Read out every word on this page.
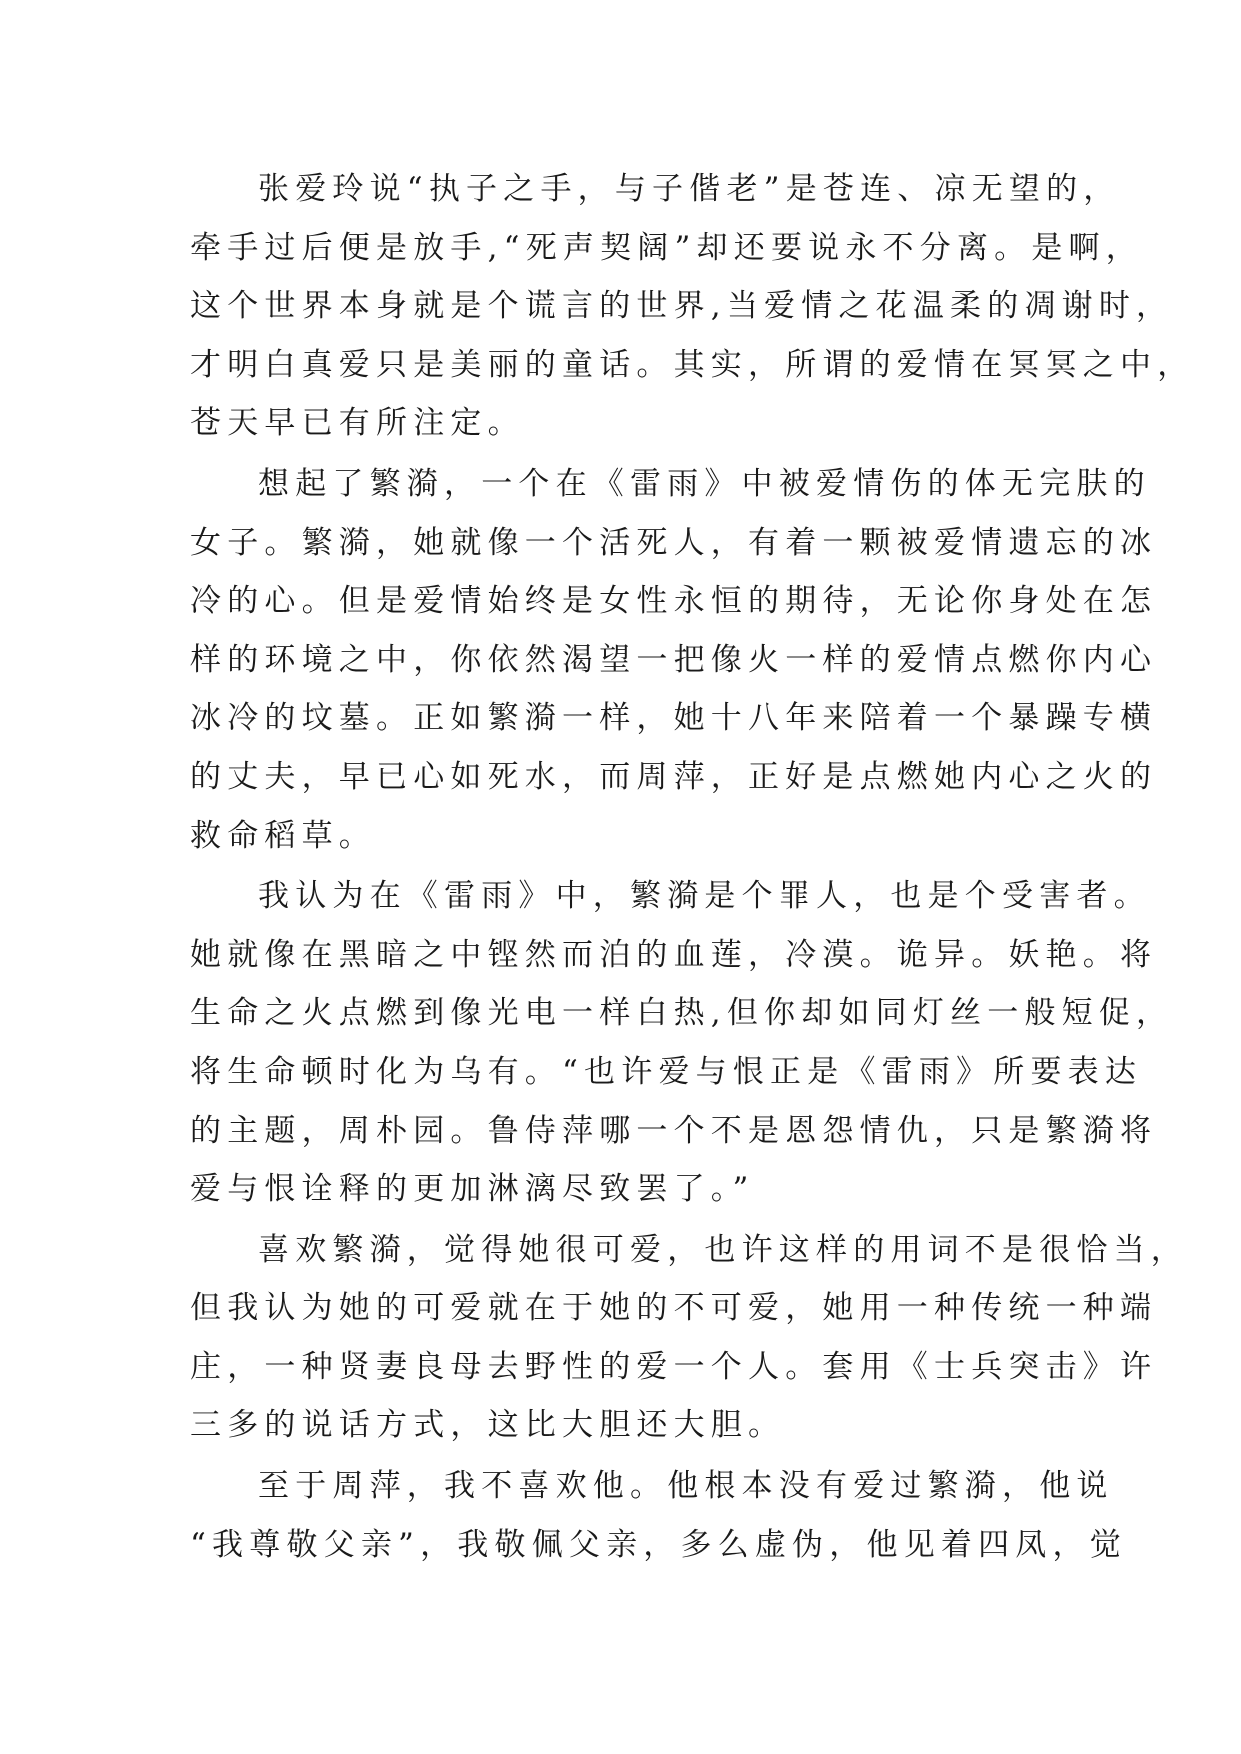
张爱玲说“执子之手，与子偕老”是苍连、凉无望的，
牵手过后便是放手,“死声契阔”却还要说永不分离。是啊，
这个世界本身就是个谎言的世界,当爱情之花温柔的凋谢时，
才明白真爱只是美丽的童话。其实，所谓的爱情在冥冥之中，
苍天早已有所注定。
想起了繁漪，一个在《雷雨》中被爱情伤的体无完肤的
女子。繁漪，她就像一个活死人，有着一颗被爱情遗忘的冰
冷的心。但是爱情始终是女性永恒的期待，无论你身处在怎
样的环境之中，你依然渴望一把像火一样的爱情点燃你内心
冰冷的坟墓。正如繁漪一样，她十八年来陪着一个暴躁专横
的丈夫，早已心如死水，而周萍，正好是点燃她内心之火的
救命稻草。
我认为在《雷雨》中，繁漪是个罪人，也是个受害者。
她就像在黑暗之中铿然而泊的血莲，冷漠。诡异。妖艳。将
生命之火点燃到像光电一样白热,但你却如同灯丝一般短促，
将生命顿时化为乌有。“也许爱与恨正是《雷雨》所要表达
的主题，周朴园。鲁侍萍哪一个不是恩怨情仇，只是繁漪将
爱与恨诠释的更加淋漓尽致罢了。”
喜欢繁漪，觉得她很可爱，也许这样的用词不是很恰当，
但我认为她的可爱就在于她的不可爱，她用一种传统一种端
庄，一种贤妻良母去野性的爱一个人。套用《士兵突击》许
三多的说话方式，这比大胆还大胆。
至于周萍，我不喜欢他。他根本没有爱过繁漪，他说
“我尊敬父亲”，我敬佩父亲，多么虚伪，他见着四凤，觉
